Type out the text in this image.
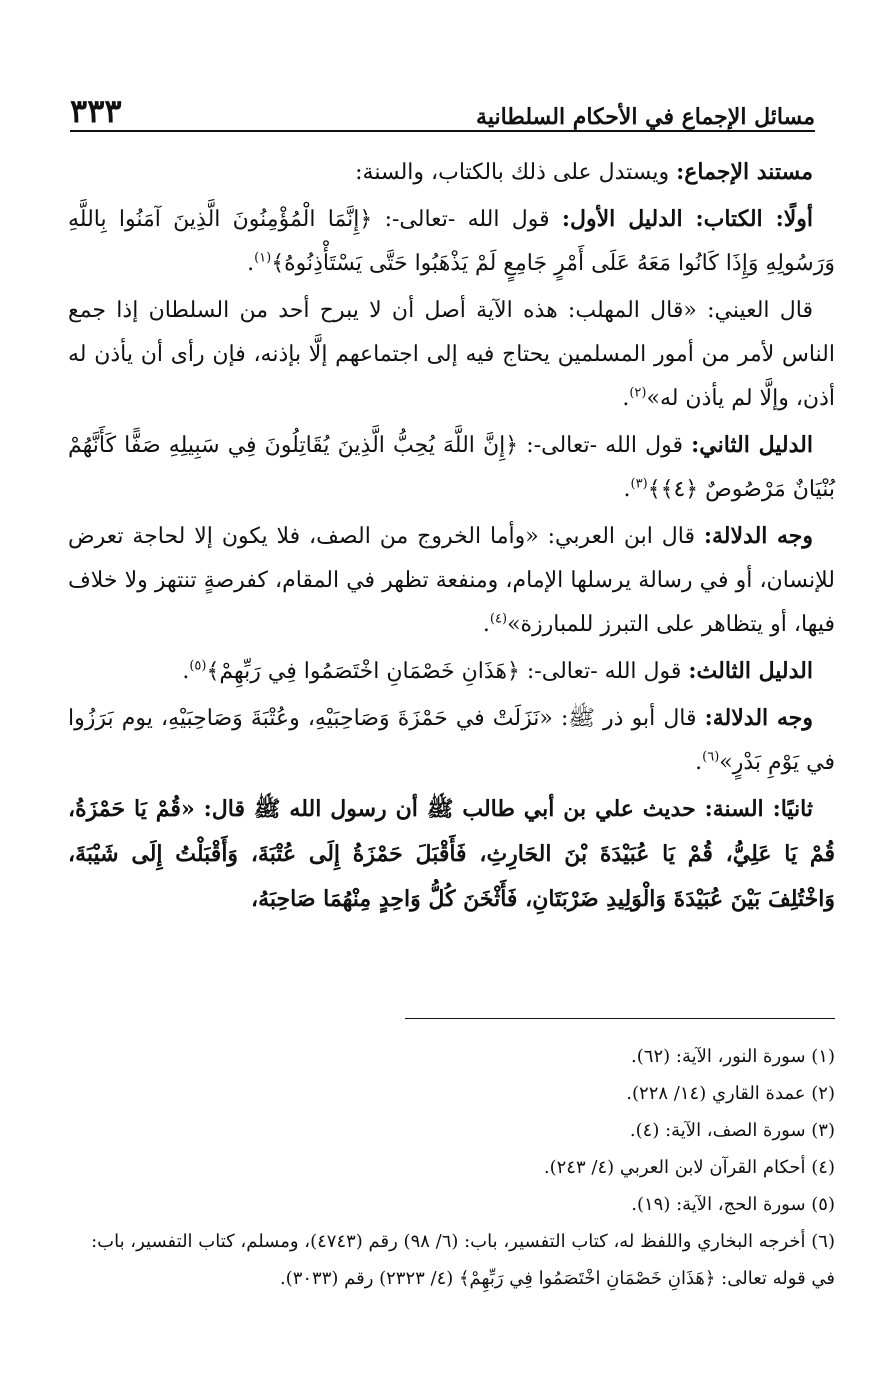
مسائل الإجماع في الأحكام السلطانية
٣٣٣

مستند الإجماع: ويستدل على ذلك بالكتاب، والسنة:

أولًا: الكتاب: الدليل الأول: قول الله -تعالى-: ﴿إِنَّمَا الْمُؤْمِنُونَ الَّذِينَ آمَنُوا بِاللَّهِ وَرَسُولِهِ وَإِذَا كَانُوا مَعَهُ عَلَى أَمْرٍ جَامِعٍ لَمْ يَذْهَبُوا حَتَّى يَسْتَأْذِنُوهُ﴾$^{(١)}$.

قال العيني: «قال المهلب: هذه الآية أصل أن لا يبرح أحد من السلطان إذا جمع الناس لأمر من أمور المسلمين يحتاج فيه إلى اجتماعهم إلَّا بإذنه، فإن رأى أن يأذن له أذن، وإلَّا لم يأذن له»$^{(٢)}$.

الدليل الثاني: قول الله -تعالى-: ﴿إِنَّ اللَّهَ يُحِبُّ الَّذِينَ يُقَاتِلُونَ فِي سَبِيلِهِ صَفًّا كَأَنَّهُمْ بُنْيَانٌ مَرْصُوصٌ ﴿٤﴾﴾$^{(٣)}$.

وجه الدلالة: قال ابن العربي: «وأما الخروج من الصف، فلا يكون إلا لحاجة تعرض للإنسان، أو في رسالة يرسلها الإمام، ومنفعة تظهر في المقام، كفرصةٍ تنتهز ولا خلاف فيها، أو يتظاهر على التبرز للمبارزة»$^{(٤)}$.

الدليل الثالث: قول الله -تعالى-: ﴿هَذَانِ خَصْمَانِ اخْتَصَمُوا فِي رَبِّهِمْ﴾$^{(٥)}$.

وجه الدلالة: قال أبو ذر ﷺ: «نَزَلَتْ في حَمْزَةَ وَصَاحِبَيْهِ، وعُتْبَةَ وَصَاحِبَيْهِ، يوم بَرَزُوا في يَوْمِ بَدْرٍ»$^{(٦)}$.

ثانيًا: السنة: حديث علي بن أبي طالب ﷺ أن رسول الله ﷺ قال: «قُمْ يَا حَمْزَةُ، قُمْ يَا عَلِيُّ، قُمْ يَا عُبَيْدَةَ بْنَ الحَارِثِ، فَأَقْبَلَ حَمْزَةُ إِلَى عُتْبَةَ، وَأَقْبَلْتُ إِلَى شَيْبَةَ، وَاخْتُلِفَ بَيْنَ عُبَيْدَةَ وَالْوَلِيدِ ضَرْبَتَانِ، فَأَثْخَنَ كُلُّ وَاحِدٍ مِنْهُمَا صَاحِبَهُ،

(١) سورة النور، الآية: (٦٢).

(٢) عمدة القاري (١٤/ ٢٢٨).

(٣) سورة الصف، الآية: (٤).

(٤) أحكام القرآن لابن العربي (٤/ ٢٤٣).

(٥) سورة الحج، الآية: (١٩).

(٦) أخرجه البخاري واللفظ له، كتاب التفسير، باب: (٦/ ٩٨) رقم (٤٧٤٣)، ومسلم، كتاب التفسير، باب: في قوله تعالى: ﴿هَذَانِ خَصْمَانِ اخْتَصَمُوا فِي رَبِّهِمْ﴾ (٤/ ٢٣٢٣) رقم (٣٠٣٣).
